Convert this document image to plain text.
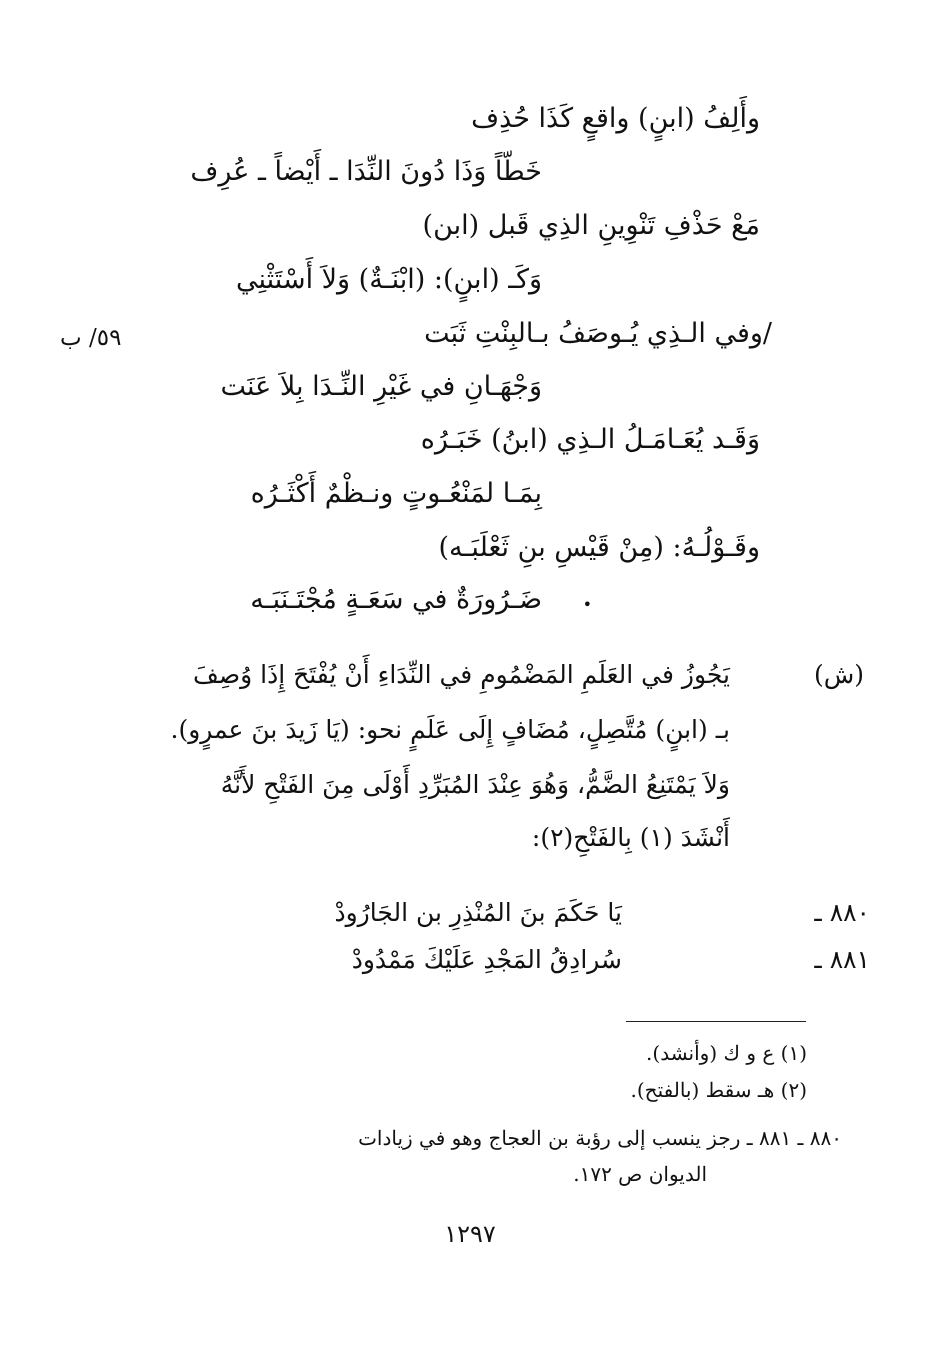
وأَلِفُ (ابنٍ) واقعٍ كَذَا حُذِف
خَطّاً وَذَا دُونَ النِّدَا ـ أَيْضاً ـ عُرِف
مَعْ حَذْفِ تَنْوِينِ الذِي قَبل (ابن)
وَكَـ (ابنٍ): (ابْنَـةٌ) وَلاَ أَسْتَثْنِي
/وفي الـذِي يُـوصَفُ بـالبِنْتِ ثَبَت
٥٩/ ب
وَجْهَـانِ في غَيْرِ النِّـدَا بِلاَ عَنَت
وَقَـد يُعَـامَـلُ الـذِي (ابنُ) خَبَـرُه
بِمَـا لمَنْعُـوتٍ ونـظْمٌ أَكْثَـرُه
وقَـوْلُـهُ: (مِنْ قَيْسِ بنِ ثَعْلَبَـه)
ضَـرُورَةٌ في سَعَـةٍ مُجْتَـنَبَـه	•
(ش)
يَجُوزُ في العَلَمِ المَضْمُومِ في النِّدَاءِ أَنْ يُفْتَحَ إِذَا وُصِفَ
بـ (ابنٍ) مُتَّصِلٍ، مُضَافٍ إِلَى عَلَمٍ نحو: (يَا زَيدَ بنَ عمرٍو).
وَلاَ يَمْتَنِعُ الضَّمُّ، وَهُوَ عِنْدَ المُبَرِّدِ أَوْلَى مِنَ الفَتْحِ لأَنَّهُ
أَنْشَدَ (١) بِالفَتْحِ(٢):
٨٨٠ ـ
يَا حَكَمَ بنَ المُنْذِرِ بن الجَارُودْ
٨٨١ ـ
سُرادِقُ المَجْدِ عَلَيْكَ مَمْدُودْ
(١) ع و ك (وأنشد).
(٢) هـ سقط (بالفتح).
٨٨٠ ـ ٨٨١ ـ رجز ينسب إلى رؤبة بن العجاج وهو في زيادات
الديوان ص ١٧٢.
١٢٩٧
